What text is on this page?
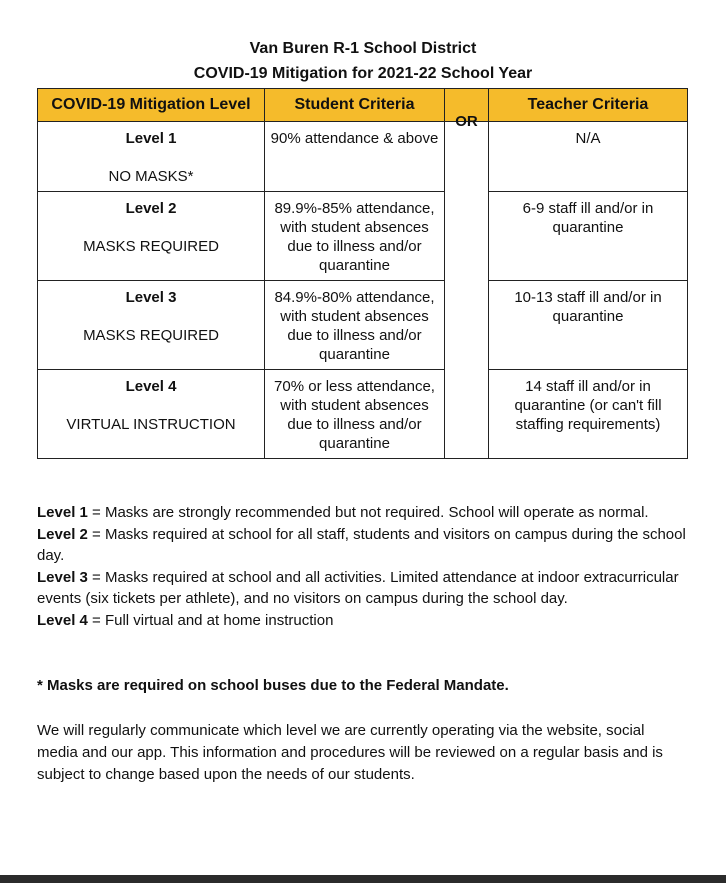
Van Buren R-1 School District
COVID-19 Mitigation for 2021-22 School Year
COVID-19 Mitigation Level	Student Criteria		Teacher Criteria

Level 1
NO MASKS*	90% attendance & above	OR	N/A

Level 2
MASKS REQUIRED	89.9%-85% attendance, with student absences due to illness and/or quarantine		6-9 staff ill and/or in quarantine

Level 3
MASKS REQUIRED	84.9%-80% attendance, with student absences due to illness and/or quarantine		10-13 staff ill and/or in quarantine

Level 4
VIRTUAL INSTRUCTION	70% or less attendance, with student absences due to illness and/or quarantine		14 staff ill and/or in quarantine (or can't fill staffing requirements)

Level 1 = Masks are strongly recommended but not required. School will operate as normal.

Level 2 = Masks required at school for all staff, students and visitors on campus during the school day.

Level 3 = Masks required at school and all activities. Limited attendance at indoor extracurricular events (six tickets per athlete), and no visitors on campus during the school day.

Level 4 = Full virtual and at home instruction

* Masks are required on school buses due to the Federal Mandate.

We will regularly communicate which level we are currently operating via the website, social media and our app. This information and procedures will be reviewed on a regular basis and is subject to change based upon the needs of our students.
